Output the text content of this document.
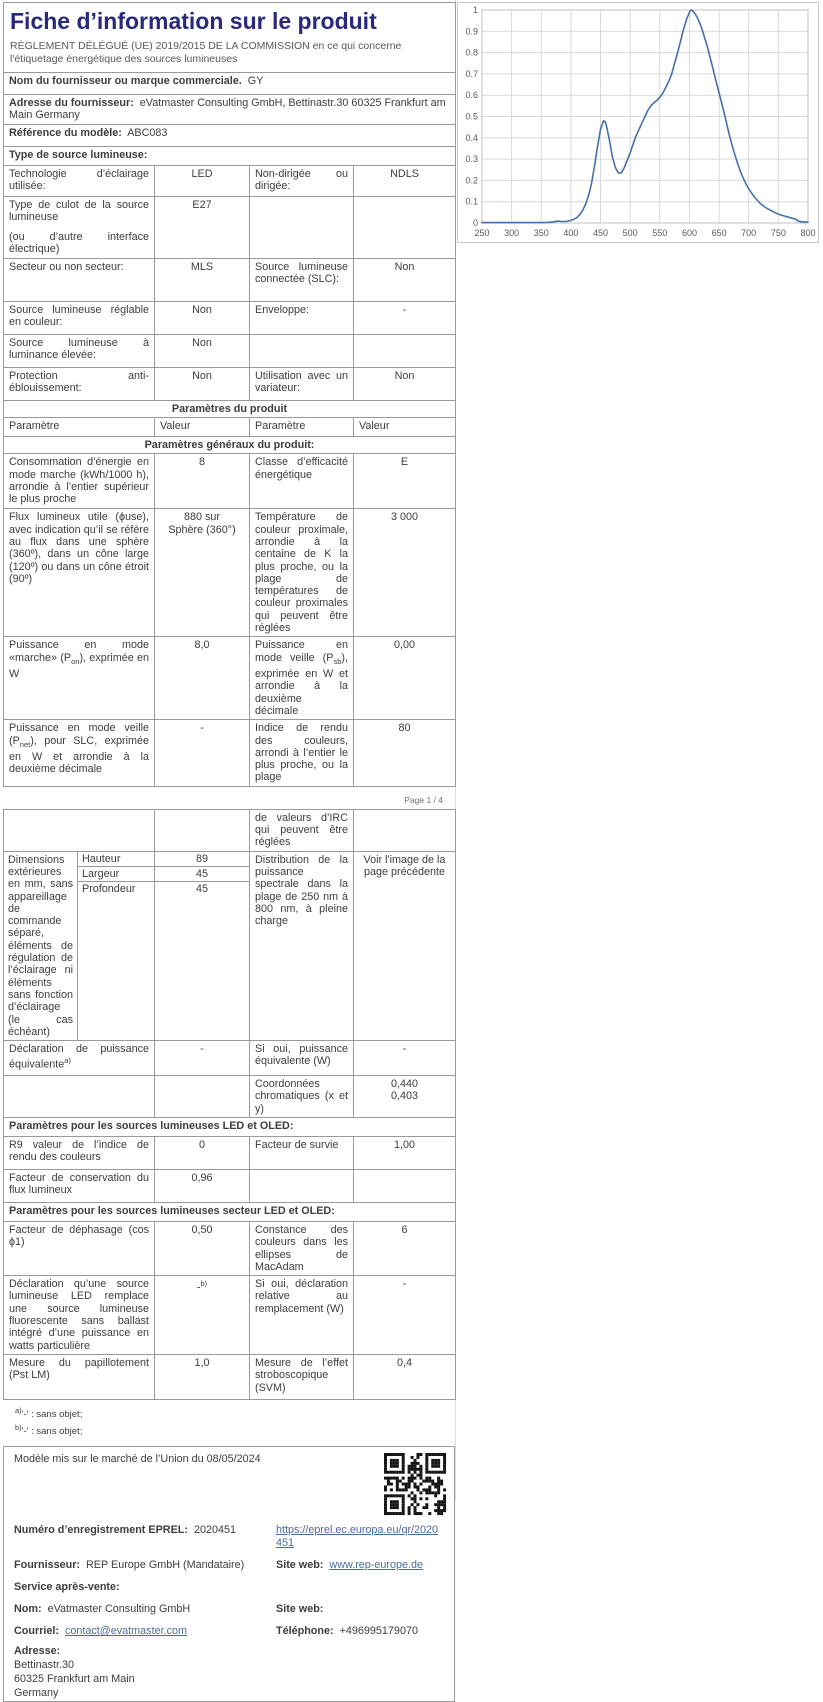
Fiche d’information sur le produit
RÈGLEMENT DÉLÉGUÉ (UE) 2019/2015 DE LA COMMISSION en ce qui concerne l'étiquetage énergétique des sources lumineuses

Nom du fournisseur ou marque commerciale. GY
Adresse du fournisseur: eVatmaster Consulting GmbH, Bettinastr.30 60325 Frankfurt am Main Germany
Référence du modèle: ABC083
Type de source lumineuse:
Technologie d’éclairage utilisée:	LED	Non-dirigée ou dirigée:	NDLS

Type de culot de la source lumineuse
(ou d’autre interface électrique)	E27		
Secteur ou non secteur:	MLS	Source lumineuse connectée (SLC):	Non
Source lumineuse réglable en couleur:	Non	Enveloppe:	-
Source lumineuse à luminance élevée:	Non		
Protection anti-éblouissement:	Non	Utilisation avec un variateur:	Non
Paramètres du produit			
Paramètre	Valeur	Paramètre	Valeur
Paramètres généraux du produit:			
Consommation d’énergie en mode marche (kWh/1000 h), arrondie à l’entier supérieur le plus proche	8	Classe d’efficacité énergétique	E
Flux lumineux utile (ϕuse), avec indication qu’il se réfère au flux dans une sphère (360º), dans un cône large (120º) ou dans un cône étroit (90º)	880 sur
Sphère (360°)	Température de couleur proximale, arrondie à la centaine de K la plus proche, ou la plage de températures de couleur proximales qui peuvent être réglées	3 000
Puissance en mode «marche» $(P_{on})$, exprimée en W	8,0	Puissance en mode veille $(P_{sb})$, exprimée en W et arrondie à la deuxième décimale	0,00
Puissance en mode veille $(P_{net})$, pour SLC, exprimée en W et arrondie à la deuxième décimale	-	Indice de rendu des couleurs, arrondi à l’entier le plus proche, ou la plage	80
Page 1 / 4
		de valeurs d’IRC qui peuvent être réglées	

Dimensions extérieures en mm, sans appareillage de commande séparé, éléments de régulation de l’éclairage ni éléments sans fonction d’éclairage (le cas échéant)
Hauteur
Largeur
Profondeur

89
45
45
	Distribution de la puissance spectrale dans la plage de 250 nm à 800 nm, à pleine charge	Voir l'image de la page précédente
Déclaration de puissance équivalente$^{a)}$	-	Si oui, puissance équivalente (W)	-
		Coordonnées chromatiques (x et y)	0,440
0,403

Paramètres pour les sources lumineuses LED et OLED:			
R9 valeur de l’indice de rendu des couleurs	0	Facteur de survie	1,00
Facteur de conservation du flux lumineux	0,96		
Paramètres pour les sources lumineuses secteur LED et OLED:			
Facteur de déphasage (cos ϕ1)	0,50	Constance des couleurs dans les ellipses de MacAdam	6
Déclaration qu’une source lumineuse LED remplace une source lumineuse fluorescente sans ballast intégré d’une puissance en watts particulière	-$^{b)}$	Si oui, déclaration relative au remplacement (W)	-
Mesure du papillotement (Pst LM)	1,0	Mesure de l’effet stroboscopique (SVM)	0,4
$^{a)}$'-' : sans objet;
$^{b)}$'-' : sans objet;
Modèle mis sur le marché de l’Union du 08/05/2024
Numéro d’enregistrement EPREL: 2020451	https://eprel.ec.europa.eu/qr/2020451
Fournisseur: REP Europe GmbH (Mandataire)	Site web: www.rep-europe.de
Service après-vente:
Nom: eVatmaster Consulting GmbH	Site web:
Courriel: contact@evatmaster.com	Téléphone: +496995179070
Adresse:
Bettinastr.30
60325 Frankfurt am Main
Germany
0
0.1
0.2
0.3
0.4
0.5
0.6
0.7
0.8
0.9
1
250 300 350 400 450 500 550 600 650 700 750 800
